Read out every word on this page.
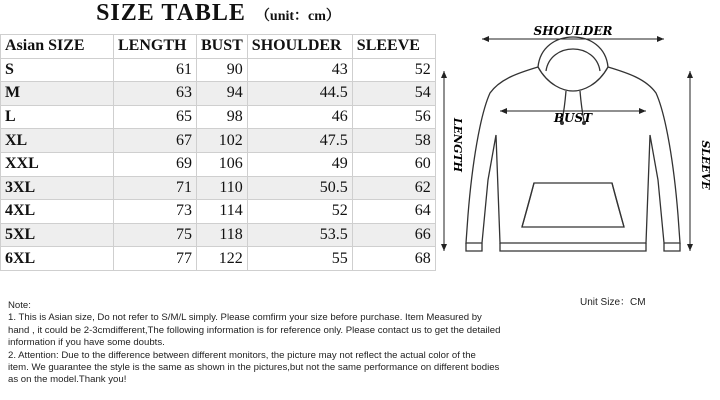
SIZE TABLE （unit：cm）
Asian SIZE	LENGTH	BUST	SHOULDER	SLEEVE
S	61	90	43	52
M	63	94	44.5	54
L	65	98	46	56
XL	67	102	47.5	58
XXL	69	106	49	60
3XL	71	110	50.5	62
4XL	73	114	52	64
5XL	75	118	53.5	66
6XL	77	122	55	68
SHOULDER
BUST
LENGTH	SLEEVE
Unit Size：CM
Note:
1. This is Asian size, Do not refer to S/M/L simply. Please comfirm your size before purchase. Item Measured by
hand , it could be 2-3cmdifferent,The following information is for reference only. Please contact us to get the detailed
information if you have some doubts.
2. Attention: Due to the difference between different monitors, the picture may not reflect the actual color of the
item. We guarantee the style is the same as shown in the pictures,but not the same performance on different bodies
as on the model.Thank you!
